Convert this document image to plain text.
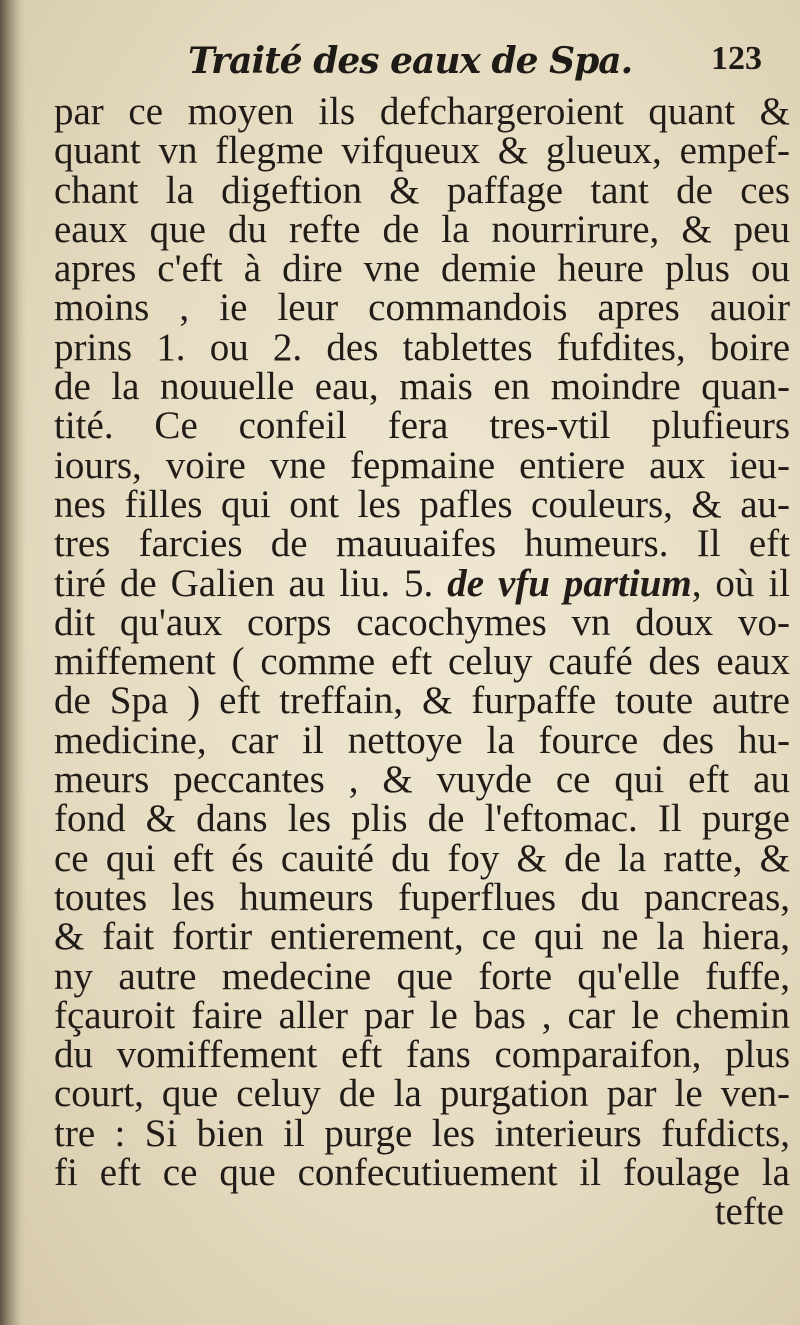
Traité des eaux de Spa. 123
par ce moyen ils defchargeroient quant &
quant vn flegme vifqueux & glueux, empef-
chant la digeftion & paffage tant de ces
eaux que du refte de la nourrirure, & peu
apres c'eft à dire vne demie heure plus ou
moins , ie leur commandois apres auoir
prins 1. ou 2. des tablettes fufdites, boire
de la nouuelle eau, mais en moindre quan-
tité. Ce confeil fera tres-vtil plufieurs
iours, voire vne fepmaine entiere aux ieu-
nes filles qui ont les pafles couleurs, & au-
tres farcies de mauuaifes humeurs. Il eft
tiré de Galien au liu. 5. de vfu partium, où il
dit qu'aux corps cacochymes vn doux vo-
miffement ( comme eft celuy caufé des eaux
de Spa ) eft treffain, & furpaffe toute autre
medicine, car il nettoye la fource des hu-
meurs peccantes , & vuyde ce qui eft au
fond & dans les plis de l'eftomac. Il purge
ce qui eft és cauité du foy & de la ratte, &
toutes les humeurs fuperflues du pancreas,
& fait fortir entierement, ce qui ne la hiera,
ny autre medecine que forte qu'elle fuffe,
fçauroit faire aller par le bas , car le chemin
du vomiffement eft fans comparaifon, plus
court, que celuy de la purgation par le ven-
tre : Si bien il purge les interieurs fufdicts,
fi eft ce que confecutiuement il foulage la
tefte
